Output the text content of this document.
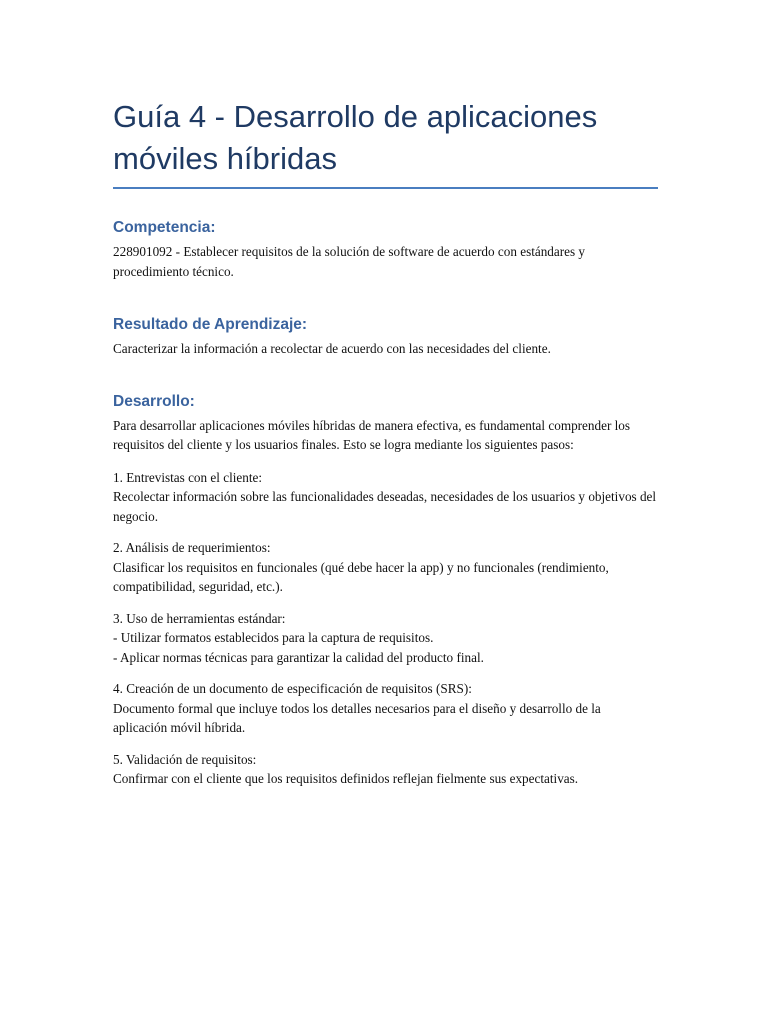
Guía 4 - Desarrollo de aplicaciones móviles híbridas
Competencia:

228901092 - Establecer requisitos de la solución de software de acuerdo con estándares y procedimiento técnico.

Resultado de Aprendizaje:

Caracterizar la información a recolectar de acuerdo con las necesidades del cliente.

Desarrollo:

Para desarrollar aplicaciones móviles híbridas de manera efectiva, es fundamental comprender los requisitos del cliente y los usuarios finales. Esto se logra mediante los siguientes pasos:

1. Entrevistas con el cliente:

Recolectar información sobre las funcionalidades deseadas, necesidades de los usuarios y objetivos del negocio.

2. Análisis de requerimientos:

Clasificar los requisitos en funcionales (qué debe hacer la app) y no funcionales (rendimiento, compatibilidad, seguridad, etc.).

3. Uso de herramientas estándar:

- Utilizar formatos establecidos para la captura de requisitos.

- Aplicar normas técnicas para garantizar la calidad del producto final.

4. Creación de un documento de especificación de requisitos (SRS):

Documento formal que incluye todos los detalles necesarios para el diseño y desarrollo de la aplicación móvil híbrida.

5. Validación de requisitos:

Confirmar con el cliente que los requisitos definidos reflejan fielmente sus expectativas.
